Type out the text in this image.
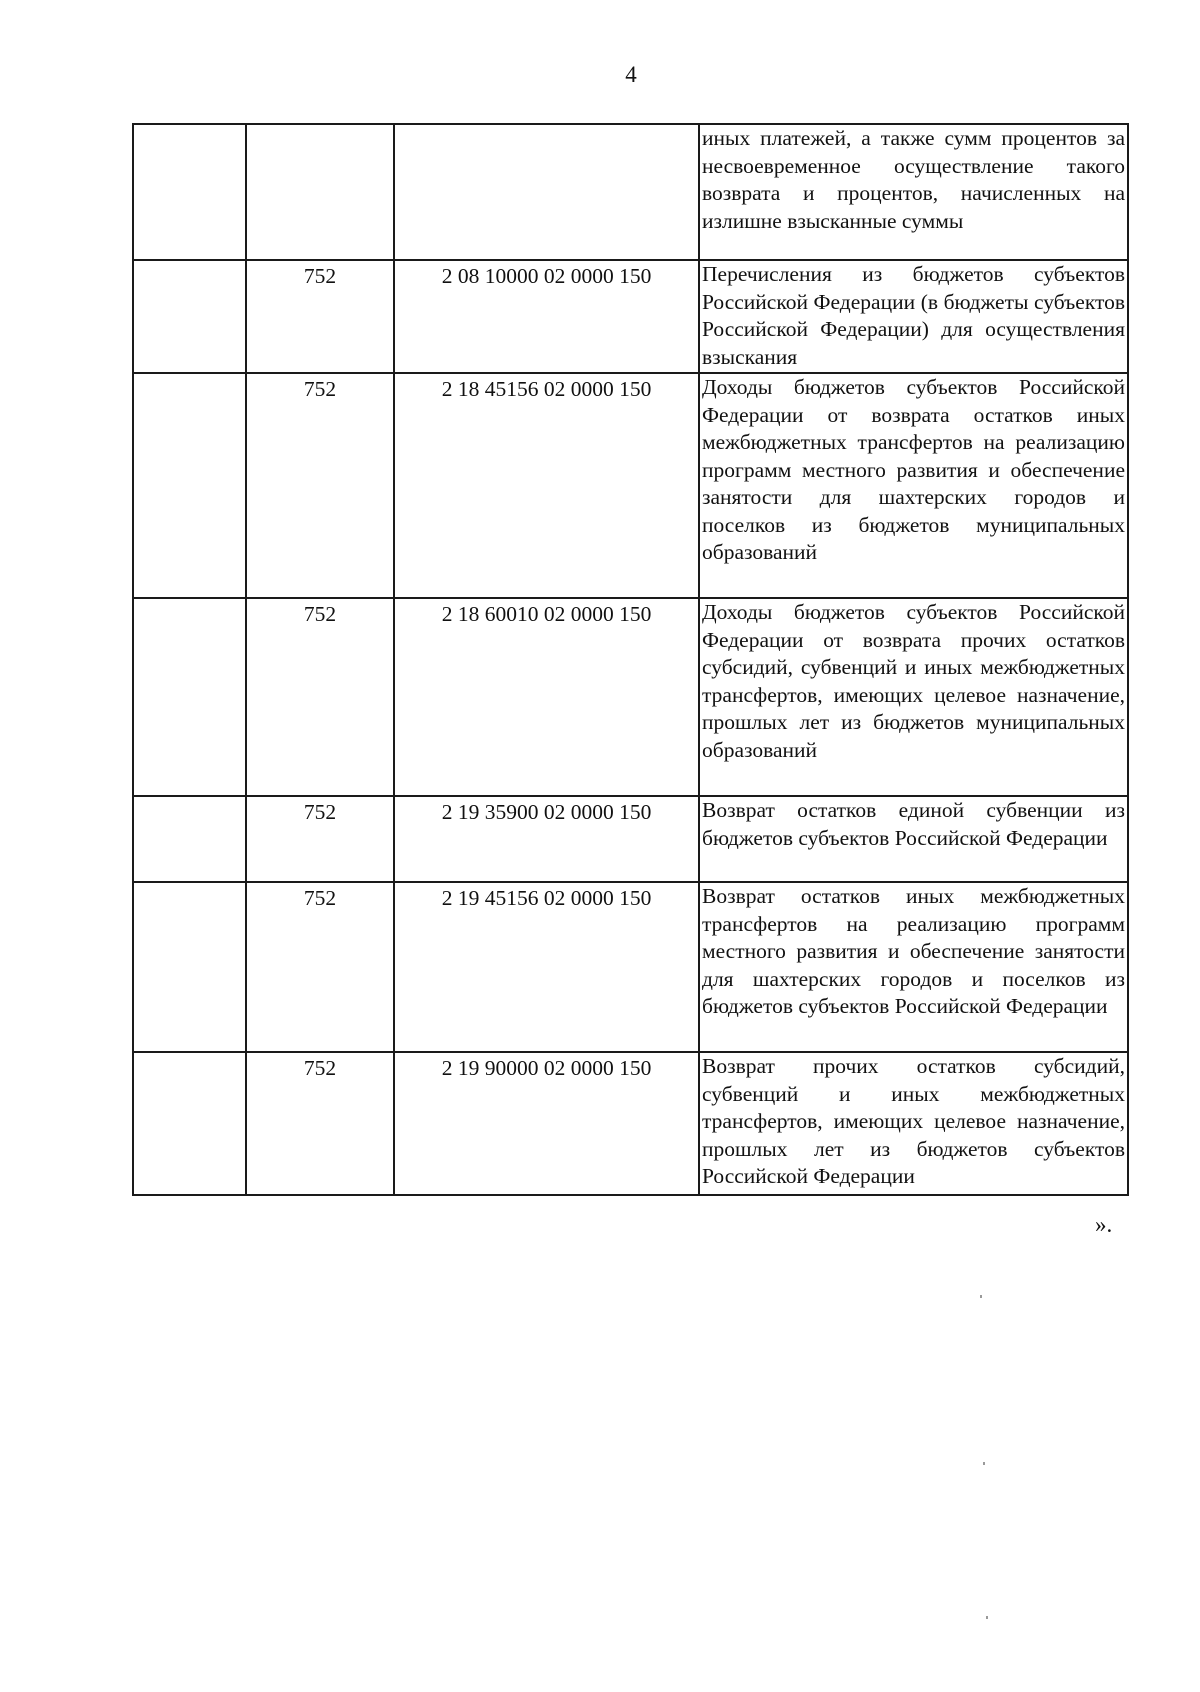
4
			иных платежей, а также сумм процентов за несвоевременное осуществление такого возврата и процентов, начисленных на излишне взысканные суммы
	752	2 08 10000 02 0000 150	Перечисления из бюджетов субъектов Российской Федерации (в бюджеты субъектов Российской Федерации) для осуществления взыскания
	752	2 18 45156 02 0000 150	Доходы бюджетов субъектов Российской Федерации от возврата остатков иных межбюджетных трансфертов на реализацию программ местного развития и обеспечение занятости для шахтерских городов и поселков из бюджетов муниципальных образований
	752	2 18 60010 02 0000 150	Доходы бюджетов субъектов Российской Федерации от возврата прочих остатков субсидий, субвенций и иных межбюджетных трансфертов, имеющих целевое назначение, прошлых лет из бюджетов муниципальных образований
	752	2 19 35900 02 0000 150	Возврат остатков единой субвенции из бюджетов субъектов Российской Федерации
	752	2 19 45156 02 0000 150	Возврат остатков иных межбюджетных трансфертов на реализацию программ местного развития и обеспечение занятости для шахтерских городов и поселков из бюджетов субъектов Российской Федерации
	752	2 19 90000 02 0000 150	Возврат прочих остатков субсидий, субвенций и иных межбюджетных трансфертов, имеющих целевое назначение, прошлых лет из бюджетов субъектов Российской Федерации
».
